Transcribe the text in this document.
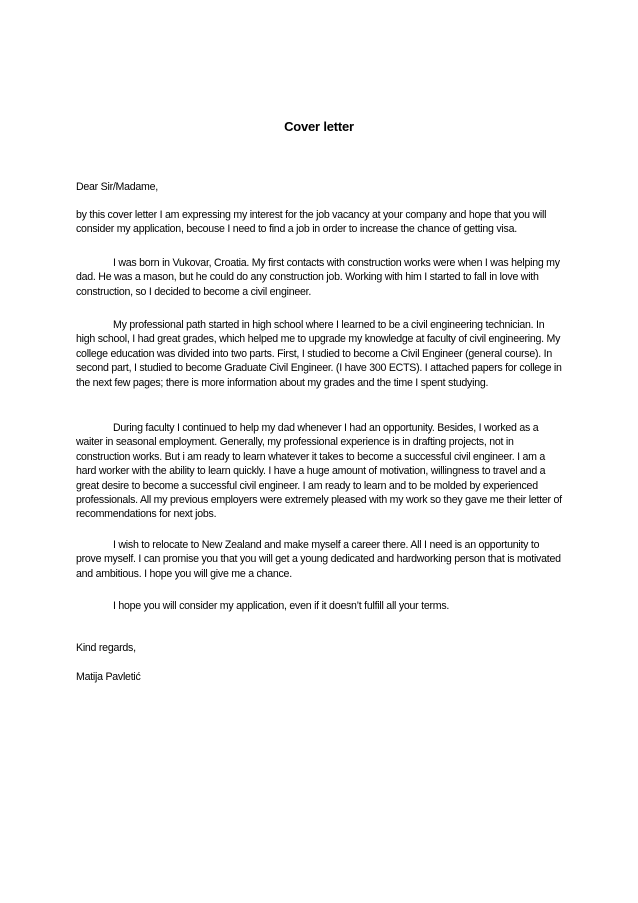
Cover letter

Dear Sir/Madame,

by this cover letter I am expressing my interest for the job vacancy at your company and hope that you will consider my application, becouse I need to find a job in order to increase the chance of getting visa.

I was born in Vukovar, Croatia. My first contacts with construction works were when I was helping my dad. He was a mason, but he could do any construction job. Working with him I started to fall in love with construction, so I decided to become a civil engineer.

My professional path started in high school where I learned to be a civil engineering technician. In high school, I had great grades, which helped me to upgrade my knowledge at faculty of civil engineering. My college education was divided into two parts. First, I studied to become a Civil Engineer (general course). In second part, I studied to become Graduate Civil Engineer. (I have 300 ECTS). I attached papers for college in the next few pages; there is more information about my grades and the time I spent studying.

During faculty I continued to help my dad whenever I had an opportunity. Besides, I worked as a waiter in seasonal employment. Generally, my professional experience is in drafting projects, not in construction works. But i am ready to learn whatever it takes to become a successful civil engineer. I am a hard worker with the ability to learn quickly. I have a huge amount of motivation, willingness to travel and a great desire to become a successful civil engineer. I am ready to learn and to be molded by experienced professionals. All my previous employers were extremely pleased with my work so they gave me their letter of recommendations for next jobs.

I wish to relocate to New Zealand and make myself a career there. All I need is an opportunity to prove myself. I can promise you that you will get a young dedicated and hardworking person that is motivated and ambitious. I hope you will give me a chance.

I hope you will consider my application, even if it doesn’t fulfill all your terms.

Kind regards,

Matija Pavletić
